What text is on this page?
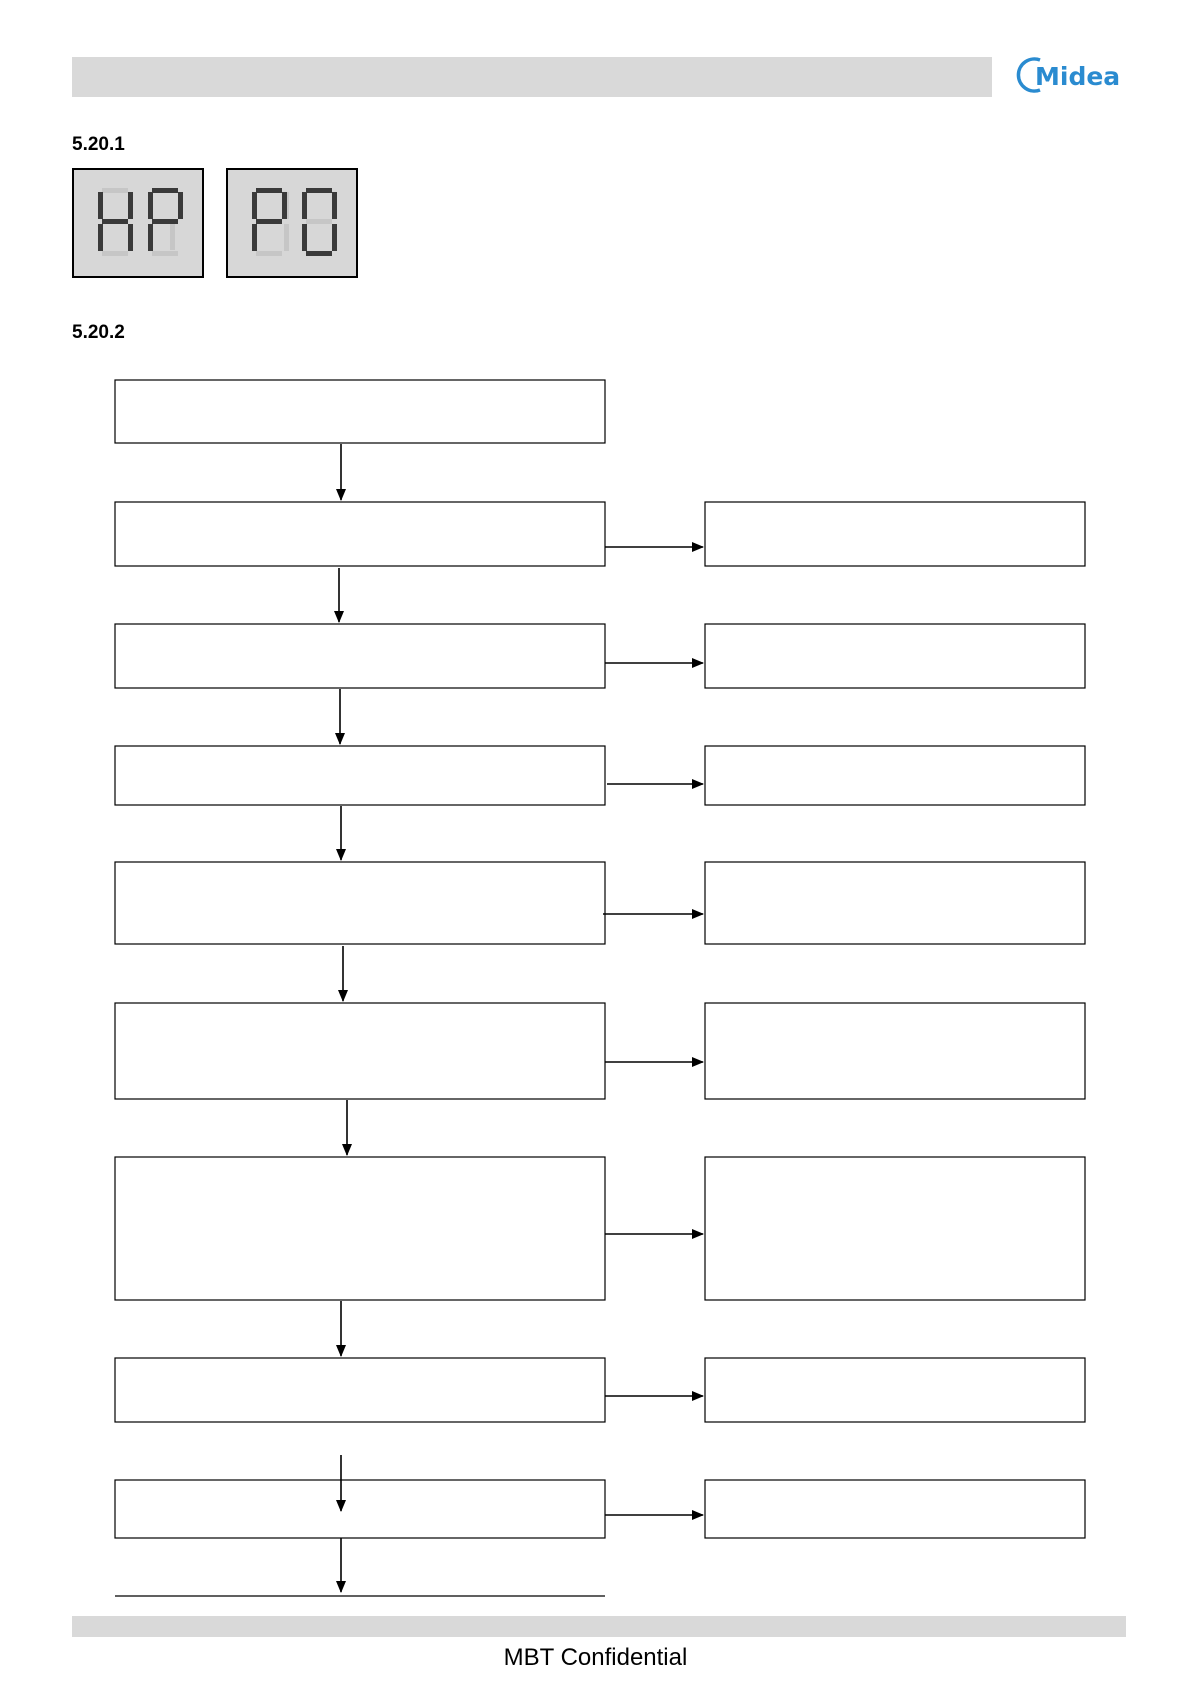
Midea
5.20.1
5.20.2
MBT Confidential
